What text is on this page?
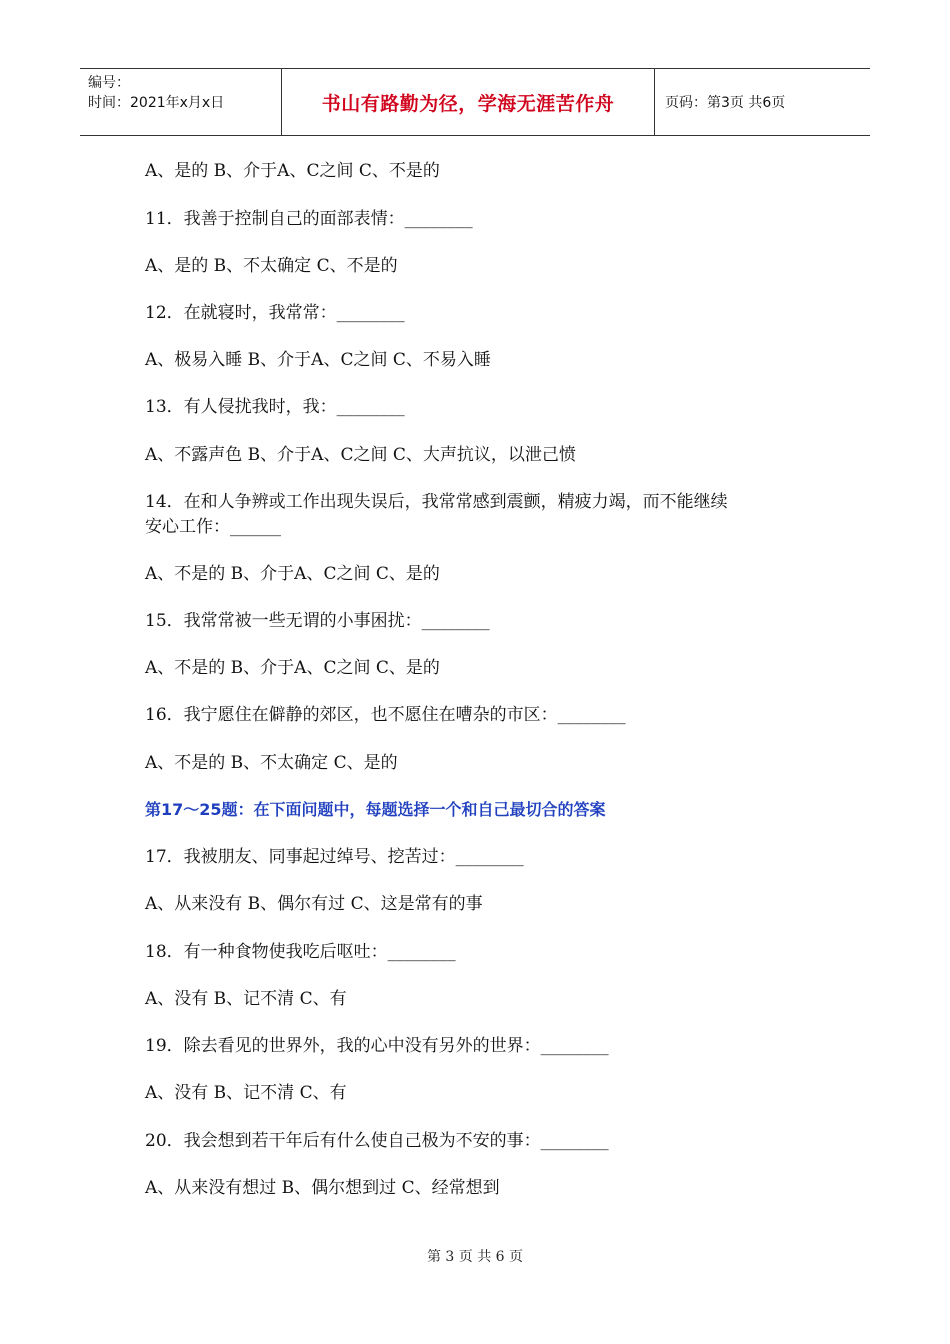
编号：
时间：2021年x月x日	书山有路勤为径，学海无涯苦作舟	页码：第3页 共6页
A、是的 B、介于A、C之间 C、不是的
11．我善于控制自己的面部表情：________
A、是的 B、不太确定 C、不是的
12．在就寝时，我常常：________
A、极易入睡 B、介于A、C之间 C、不易入睡
13．有人侵扰我时，我：________
A、不露声色 B、介于A、C之间 C、大声抗议，以泄己愤
14．在和人争辨或工作出现失误后，我常常感到震颤，精疲力竭，而不能继续
安心工作：______
A、不是的 B、介于A、C之间 C、是的
15．我常常被一些无谓的小事困扰：________
A、不是的 B、介于A、C之间 C、是的
16．我宁愿住在僻静的郊区，也不愿住在嘈杂的市区：________
A、不是的 B、不太确定 C、是的
第17～25题：在下面问题中，每题选择一个和自己最切合的答案
17．我被朋友、同事起过绰号、挖苦过：________
A、从来没有 B、偶尔有过 C、这是常有的事
18．有一种食物使我吃后呕吐：________
A、没有 B、记不清 C、有
19．除去看见的世界外，我的心中没有另外的世界：________
A、没有 B、记不清 C、有
20．我会想到若干年后有什么使自己极为不安的事：________
A、从来没有想过 B、偶尔想到过 C、经常想到
第 3 页 共 6 页
